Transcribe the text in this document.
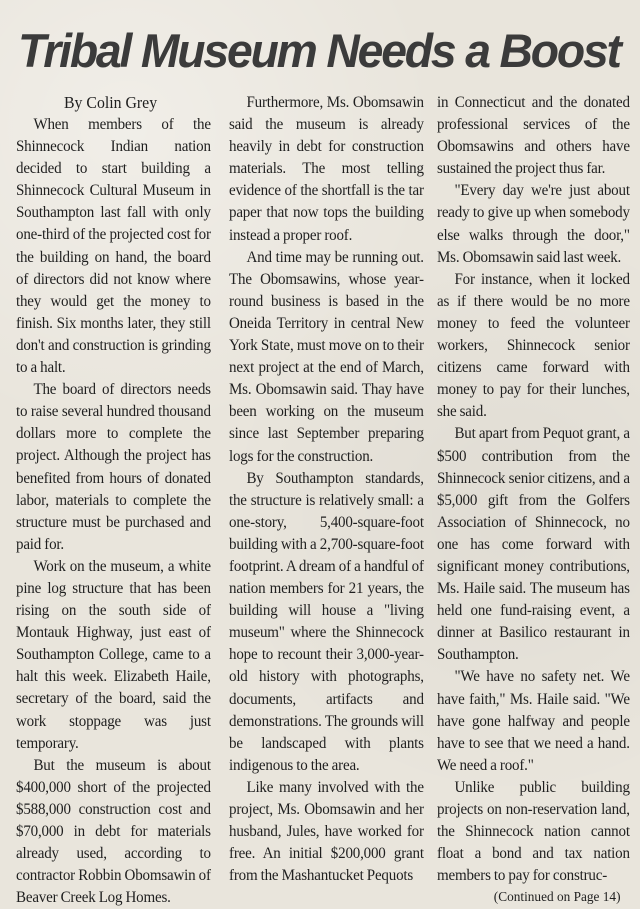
Tribal Museum Needs a Boost
By Colin Grey

When members of the Shinnecock Indian nation decided to start building a Shinnecock Cultural Museum in Southampton last fall with only one-third of the projected cost for the building on hand, the board of directors did not know where they would get the money to finish. Six months later, they still don't and construction is grinding to a halt.

The board of directors needs to raise several hundred thousand dollars more to complete the project. Although the project has benefited from hours of donated labor, materials to complete the structure must be purchased and paid for.

Work on the museum, a white pine log structure that has been rising on the south side of Montauk Highway, just east of Southampton College, came to a halt this week. Elizabeth Haile, secretary of the board, said the work stoppage was just temporary.

But the museum is about $400,000 short of the projected $588,000 construction cost and $70,000 in debt for materials already used, according to contractor Robbin Obomsawin of Beaver Creek Log Homes.

Furthermore, Ms. Obomsawin said the museum is already heavily in debt for construction materials. The most telling evidence of the shortfall is the tar paper that now tops the building instead a proper roof.

And time may be running out. The Obomsawins, whose year-round business is based in the Oneida Territory in central New York State, must move on to their next project at the end of March, Ms. Obomsawin said. Thay have been working on the museum since last September preparing logs for the construction.

By Southampton standards, the structure is relatively small: a one-story, 5,400-square-foot building with a 2,700-square-foot footprint. A dream of a handful of nation members for 21 years, the building will house a "living museum" where the Shinnecock hope to recount their 3,000-year-old history with photographs, documents, artifacts and demonstrations. The grounds will be landscaped with plants indigenous to the area.

Like many involved with the project, Ms. Obomsawin and her husband, Jules, have worked for free. An initial $200,000 grant from the Mashantucket Pequots

in Connecticut and the donated professional services of the Obomsawins and others have sustained the project thus far.

"Every day we're just about ready to give up when somebody else walks through the door," Ms. Obomsawin said last week.

For instance, when it locked as if there would be no more money to feed the volunteer workers, Shinnecock senior citizens came forward with money to pay for their lunches, she said.

But apart from Pequot grant, a $500 contribution from the Shinnecock senior citizens, and a $5,000 gift from the Golfers Association of Shinnecock, no one has come forward with significant money contributions, Ms. Haile said. The museum has held one fund-raising event, a dinner at Basilico restaurant in Southampton.

"We have no safety net. We have faith," Ms. Haile said. "We have gone halfway and people have to see that we need a hand. We need a roof."

Unlike public building projects on non-reservation land, the Shinnecock nation cannot float a bond and tax nation members to pay for construc-

(Continued on Page 14)
